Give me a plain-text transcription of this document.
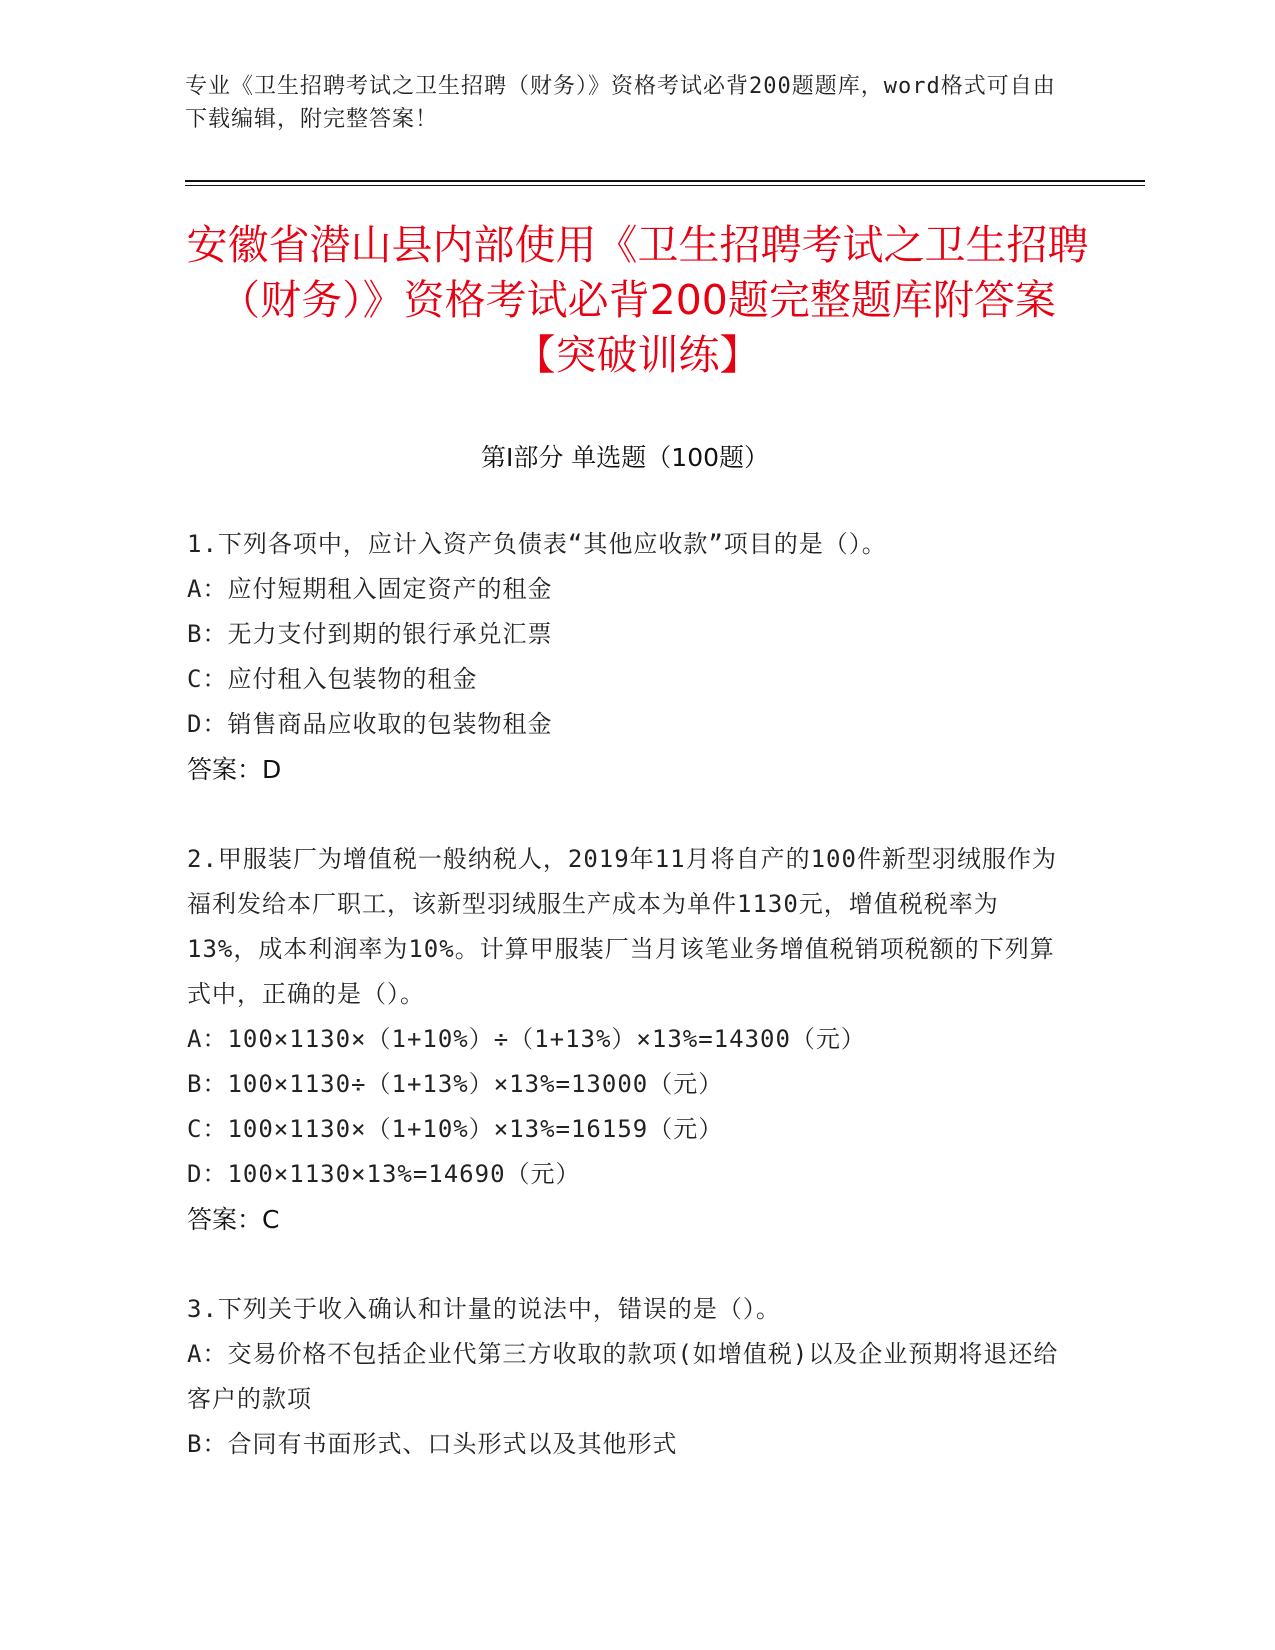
专业《卫生招聘考试之卫生招聘（财务）》资格考试必背200题题库，word格式可自由下载编辑，附完整答案！
安徽省潜山县内部使用《卫生招聘考试之卫生招聘（财务）》资格考试必背200题完整题库附答案【突破训练】
第I部分 单选题（100题）
1.下列各项中，应计入资产负债表“其他应收款”项目的是（）。
A：应付短期租入固定资产的租金
B：无力支付到期的银行承兑汇票
C：应付租入包装物的租金
D：销售商品应收取的包装物租金
答案：D
2.甲服装厂为增值税一般纳税人，2019年11月将自产的100件新型羽绒服作为福利发给本厂职工，该新型羽绒服生产成本为单件1130元，增值税税率为13%，成本利润率为10%。计算甲服装厂当月该笔业务增值税销项税额的下列算式中，正确的是（）。
A：100×1130×（1+10%）÷（1+13%）×13%=14300（元）
B：100×1130÷（1+13%）×13%=13000（元）
C：100×1130×（1+10%）×13%=16159（元）
D：100×1130×13%=14690（元）
答案：C
3.下列关于收入确认和计量的说法中，错误的是（）。
A：交易价格不包括企业代第三方收取的款项(如增值税)以及企业预期将退还给客户的款项
B：合同有书面形式、口头形式以及其他形式
